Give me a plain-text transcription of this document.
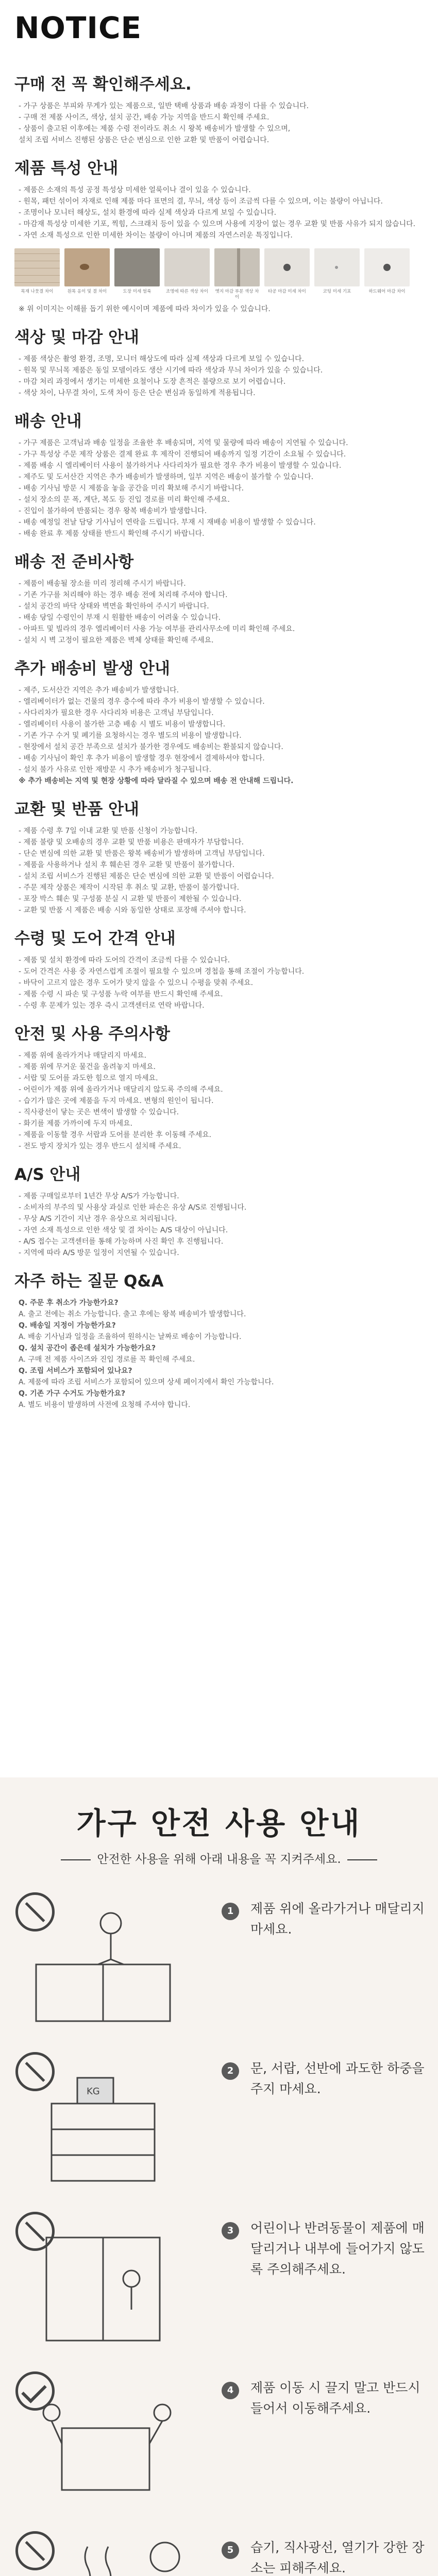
NOTICE
구매 전 꼭 확인해주세요.

- 가구 상품은 부피와 무게가 있는 제품으로, 일반 택배 상품과 배송 과정이 다를 수 있습니다.

- 구매 전 제품 사이즈, 색상, 설치 공간, 배송 가능 지역을 반드시 확인해 주세요.

- 상품이 출고된 이후에는 제품 수령 전이라도 취소 시 왕복 배송비가 발생할 수 있으며,

설치 조립 서비스 진행된 상품은 단순 변심으로 인한 교환 및 반품이 어렵습니다.

제품 특성 안내

- 제품은 소재의 특성 공정 특성상 미세한 얼룩이나 결이 있을 수 있습니다.

- 원목, 패턴 섞이어 자재로 인해 제품 마다 표면의 결, 무늬, 색상 등이 조금씩 다를 수 있으며, 이는 불량이 아닙니다.

- 조명이나 모니터 해상도, 설치 환경에 따라 실제 색상과 다르게 보일 수 있습니다.

- 마감재 특성상 미세한 기포, 찍힘, 스크래치 등이 있을 수 있으며 사용에 지장이 없는 경우 교환 및 반품 사유가 되지 않습니다.

- 자연 소재 특성으로 인한 미세한 차이는 불량이 아니며 제품의 자연스러운 특징입니다.

목재 나뭇결 차이	원목 옹이 및 결 차이	도장 미세 얼룩	조명에 따른 색상 차이	엣지 마감 부분 색상 차이
타공 마감 미세 차이	코팅 미세 기포	하드웨어 마감 차이

※ 위 이미지는 이해를 돕기 위한 예시이며 제품에 따라 차이가 있을 수 있습니다.

색상 및 마감 안내

- 제품 색상은 촬영 환경, 조명, 모니터 해상도에 따라 실제 색상과 다르게 보일 수 있습니다.

- 원목 및 무늬목 제품은 동일 모델이라도 생산 시기에 따라 색상과 무늬 차이가 있을 수 있습니다.

- 마감 처리 과정에서 생기는 미세한 요철이나 도장 흔적은 불량으로 보기 어렵습니다.

- 색상 차이, 나무결 차이, 도색 차이 등은 단순 변심과 동일하게 적용됩니다.

배송 안내

- 가구 제품은 고객님과 배송 일정을 조율한 후 배송되며, 지역 및 물량에 따라 배송이 지연될 수 있습니다.

- 가구 특성상 주문 제작 상품은 결제 완료 후 제작이 진행되어 배송까지 일정 기간이 소요될 수 있습니다.

- 제품 배송 시 엘리베이터 사용이 불가하거나 사다리차가 필요한 경우 추가 비용이 발생할 수 있습니다.

- 제주도 및 도서산간 지역은 추가 배송비가 발생하며, 일부 지역은 배송이 불가할 수 있습니다.

- 배송 기사님 방문 시 제품을 놓을 공간을 미리 확보해 주시기 바랍니다.

- 설치 장소의 문 폭, 계단, 복도 등 진입 경로를 미리 확인해 주세요.

- 진입이 불가하여 반품되는 경우 왕복 배송비가 발생합니다.

- 배송 예정일 전날 담당 기사님이 연락을 드립니다. 부재 시 재배송 비용이 발생할 수 있습니다.

- 배송 완료 후 제품 상태를 반드시 확인해 주시기 바랍니다.

배송 전 준비사항

- 제품이 배송될 장소를 미리 정리해 주시기 바랍니다.

- 기존 가구를 처리해야 하는 경우 배송 전에 처리해 주셔야 합니다.

- 설치 공간의 바닥 상태와 벽면을 확인하여 주시기 바랍니다.

- 배송 당일 수령인이 부재 시 원활한 배송이 어려울 수 있습니다.

- 아파트 및 빌라의 경우 엘리베이터 사용 가능 여부를 관리사무소에 미리 확인해 주세요.

- 설치 시 벽 고정이 필요한 제품은 벽체 상태를 확인해 주세요.

추가 배송비 발생 안내

- 제주, 도서산간 지역은 추가 배송비가 발생합니다.

- 엘리베이터가 없는 건물의 경우 층수에 따라 추가 비용이 발생할 수 있습니다.

- 사다리차가 필요한 경우 사다리차 비용은 고객님 부담입니다.

- 엘리베이터 사용이 불가한 고층 배송 시 별도 비용이 발생합니다.

- 기존 가구 수거 및 폐기를 요청하시는 경우 별도의 비용이 발생합니다.

- 현장에서 설치 공간 부족으로 설치가 불가한 경우에도 배송비는 환불되지 않습니다.

- 배송 기사님이 확인 후 추가 비용이 발생할 경우 현장에서 결제하셔야 합니다.

- 설치 불가 사유로 인한 재방문 시 추가 배송비가 청구됩니다.

※ 추가 배송비는 지역 및 현장 상황에 따라 달라질 수 있으며 배송 전 안내해 드립니다.

교환 및 반품 안내

- 제품 수령 후 7일 이내 교환 및 반품 신청이 가능합니다.

- 제품 불량 및 오배송의 경우 교환 및 반품 비용은 판매자가 부담합니다.

- 단순 변심에 의한 교환 및 반품은 왕복 배송비가 발생하며 고객님 부담입니다.

- 제품을 사용하거나 설치 후 훼손된 경우 교환 및 반품이 불가합니다.

- 설치 조립 서비스가 진행된 제품은 단순 변심에 의한 교환 및 반품이 어렵습니다.

- 주문 제작 상품은 제작이 시작된 후 취소 및 교환, 반품이 불가합니다.

- 포장 박스 훼손 및 구성품 분실 시 교환 및 반품이 제한될 수 있습니다.

- 교환 및 반품 시 제품은 배송 시와 동일한 상태로 포장해 주셔야 합니다.

수령 및 도어 간격 안내

- 제품 및 설치 환경에 따라 도어의 간격이 조금씩 다를 수 있습니다.

- 도어 간격은 사용 중 자연스럽게 조절이 필요할 수 있으며 경첩을 통해 조절이 가능합니다.

- 바닥이 고르지 않은 경우 도어가 맞지 않을 수 있으니 수평을 맞춰 주세요.

- 제품 수령 시 파손 및 구성품 누락 여부를 반드시 확인해 주세요.

- 수령 후 문제가 있는 경우 즉시 고객센터로 연락 바랍니다.

안전 및 사용 주의사항

- 제품 위에 올라가거나 매달리지 마세요.

- 제품 위에 무거운 물건을 올려놓지 마세요.

- 서랍 및 도어를 과도한 힘으로 열지 마세요.

- 어린이가 제품 위에 올라가거나 매달리지 않도록 주의해 주세요.

- 습기가 많은 곳에 제품을 두지 마세요. 변형의 원인이 됩니다.

- 직사광선이 닿는 곳은 변색이 발생할 수 있습니다.

- 화기를 제품 가까이에 두지 마세요.

- 제품을 이동할 경우 서랍과 도어를 분리한 후 이동해 주세요.

- 전도 방지 장치가 있는 경우 반드시 설치해 주세요.

A/S 안내

- 제품 구매일로부터 1년간 무상 A/S가 가능합니다.

- 소비자의 부주의 및 사용상 과실로 인한 파손은 유상 A/S로 진행됩니다.

- 무상 A/S 기간이 지난 경우 유상으로 처리됩니다.

- 자연 소재 특성으로 인한 색상 및 결 차이는 A/S 대상이 아닙니다.

- A/S 접수는 고객센터를 통해 가능하며 사진 확인 후 진행됩니다.

- 지역에 따라 A/S 방문 일정이 지연될 수 있습니다.

자주 하는 질문 Q&A

Q. 주문 후 취소가 가능한가요?

A. 출고 전에는 취소 가능합니다. 출고 후에는 왕복 배송비가 발생합니다.

Q. 배송일 지정이 가능한가요?

A. 배송 기사님과 일정을 조율하여 원하시는 날짜로 배송이 가능합니다.

Q. 설치 공간이 좁은데 설치가 가능한가요?

A. 구매 전 제품 사이즈와 진입 경로를 꼭 확인해 주세요.

Q. 조립 서비스가 포함되어 있나요?

A. 제품에 따라 조립 서비스가 포함되어 있으며 상세 페이지에서 확인 가능합니다.

Q. 기존 가구 수거도 가능한가요?

A. 별도 비용이 발생하며 사전에 요청해 주셔야 합니다.

가구 안전 사용 안내
안전한 사용을 위해 아래 내용을 꼭 지켜주세요.
1	제품 위에 올라가거나 매달리지 마세요.
KG
2	문, 서랍, 선반에 과도한 하중을 주지 마세요.
3	어린이나 반려동물이 제품에 매달리거나 내부에 들어가지 않도록 주의해주세요.
4	제품 이동 시 끌지 말고 반드시 들어서 이동해주세요.
5	습기, 직사광선, 열기가 강한 장소는 피해주세요.
